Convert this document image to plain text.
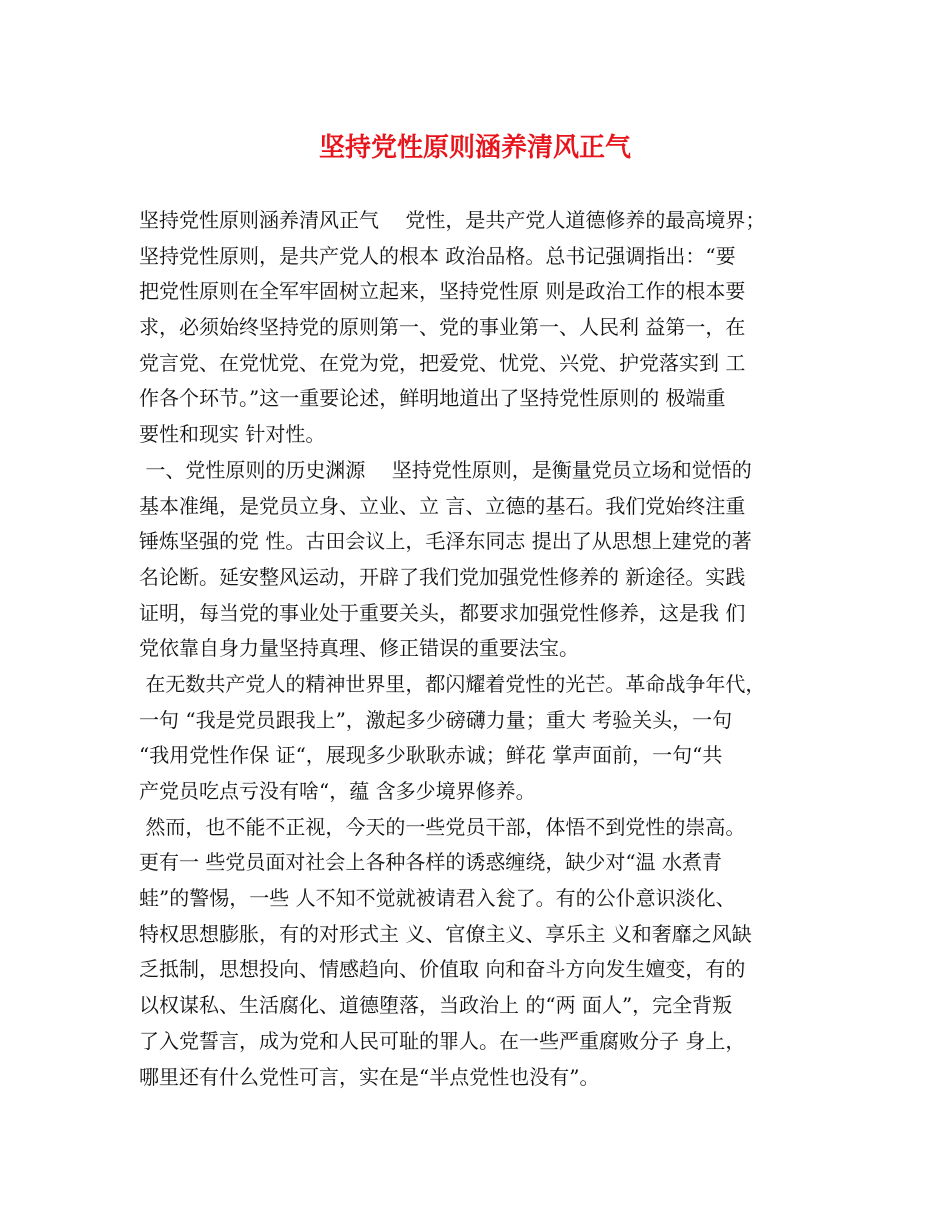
坚持党性原则涵养清风正气
坚持党性原则涵养清风正气　 党性，是共产党人道德修养的最高境界；
坚持党性原则，是共产党人的根本 政治品格。总书记强调指出：“要
把党性原则在全军牢固树立起来，坚持党性原 则是政治工作的根本要
求，必须始终坚持党的原则第一、党的事业第一、人民利 益第一，在
党言党、在党忧党、在党为党，把爱党、忧党、兴党、护党落实到 工
作各个环节。”这一重要论述，鲜明地道出了坚持党性原则的 极端重
要性和现实 针对性。
一、党性原则的历史渊源　 坚持党性原则，是衡量党员立场和觉悟的
基本准绳，是党员立身、立业、立 言、立德的基石。我们党始终注重
锤炼坚强的党 性。古田会议上，毛泽东同志 提出了从思想上建党的著
名论断。延安整风运动，开辟了我们党加强党性修养的 新途径。实践
证明，每当党的事业处于重要关头，都要求加强党性修养，这是我 们
党依靠自身力量坚持真理、修正错误的重要法宝。
在无数共产党人的精神世界里，都闪耀着党性的光芒。革命战争年代，
一句 “我是党员跟我上”，激起多少磅礴力量；重大 考验关头，一句
“我用党性作保 证“，展现多少耿耿赤诚；鲜花 掌声面前，一句“共
产党员吃点亏没有啥“，蕴 含多少境界修养。
然而，也不能不正视，今天的一些党员干部，体悟不到党性的崇高。
更有一 些党员面对社会上各种各样的诱惑缠绕，缺少对“温 水煮青
蛙”的警惕，一些 人不知不觉就被请君入瓮了。有的公仆意识淡化、
特权思想膨胀，有的对形式主 义、官僚主义、享乐主 义和奢靡之风缺
乏抵制，思想投向、情感趋向、价值取 向和奋斗方向发生嬗变，有的
以权谋私、生活腐化、道德堕落，当政治上 的“两 面人”，完全背叛
了入党誓言，成为党和人民可耻的罪人。在一些严重腐败分子 身上，
哪里还有什么党性可言，实在是“半点党性也没有”。
